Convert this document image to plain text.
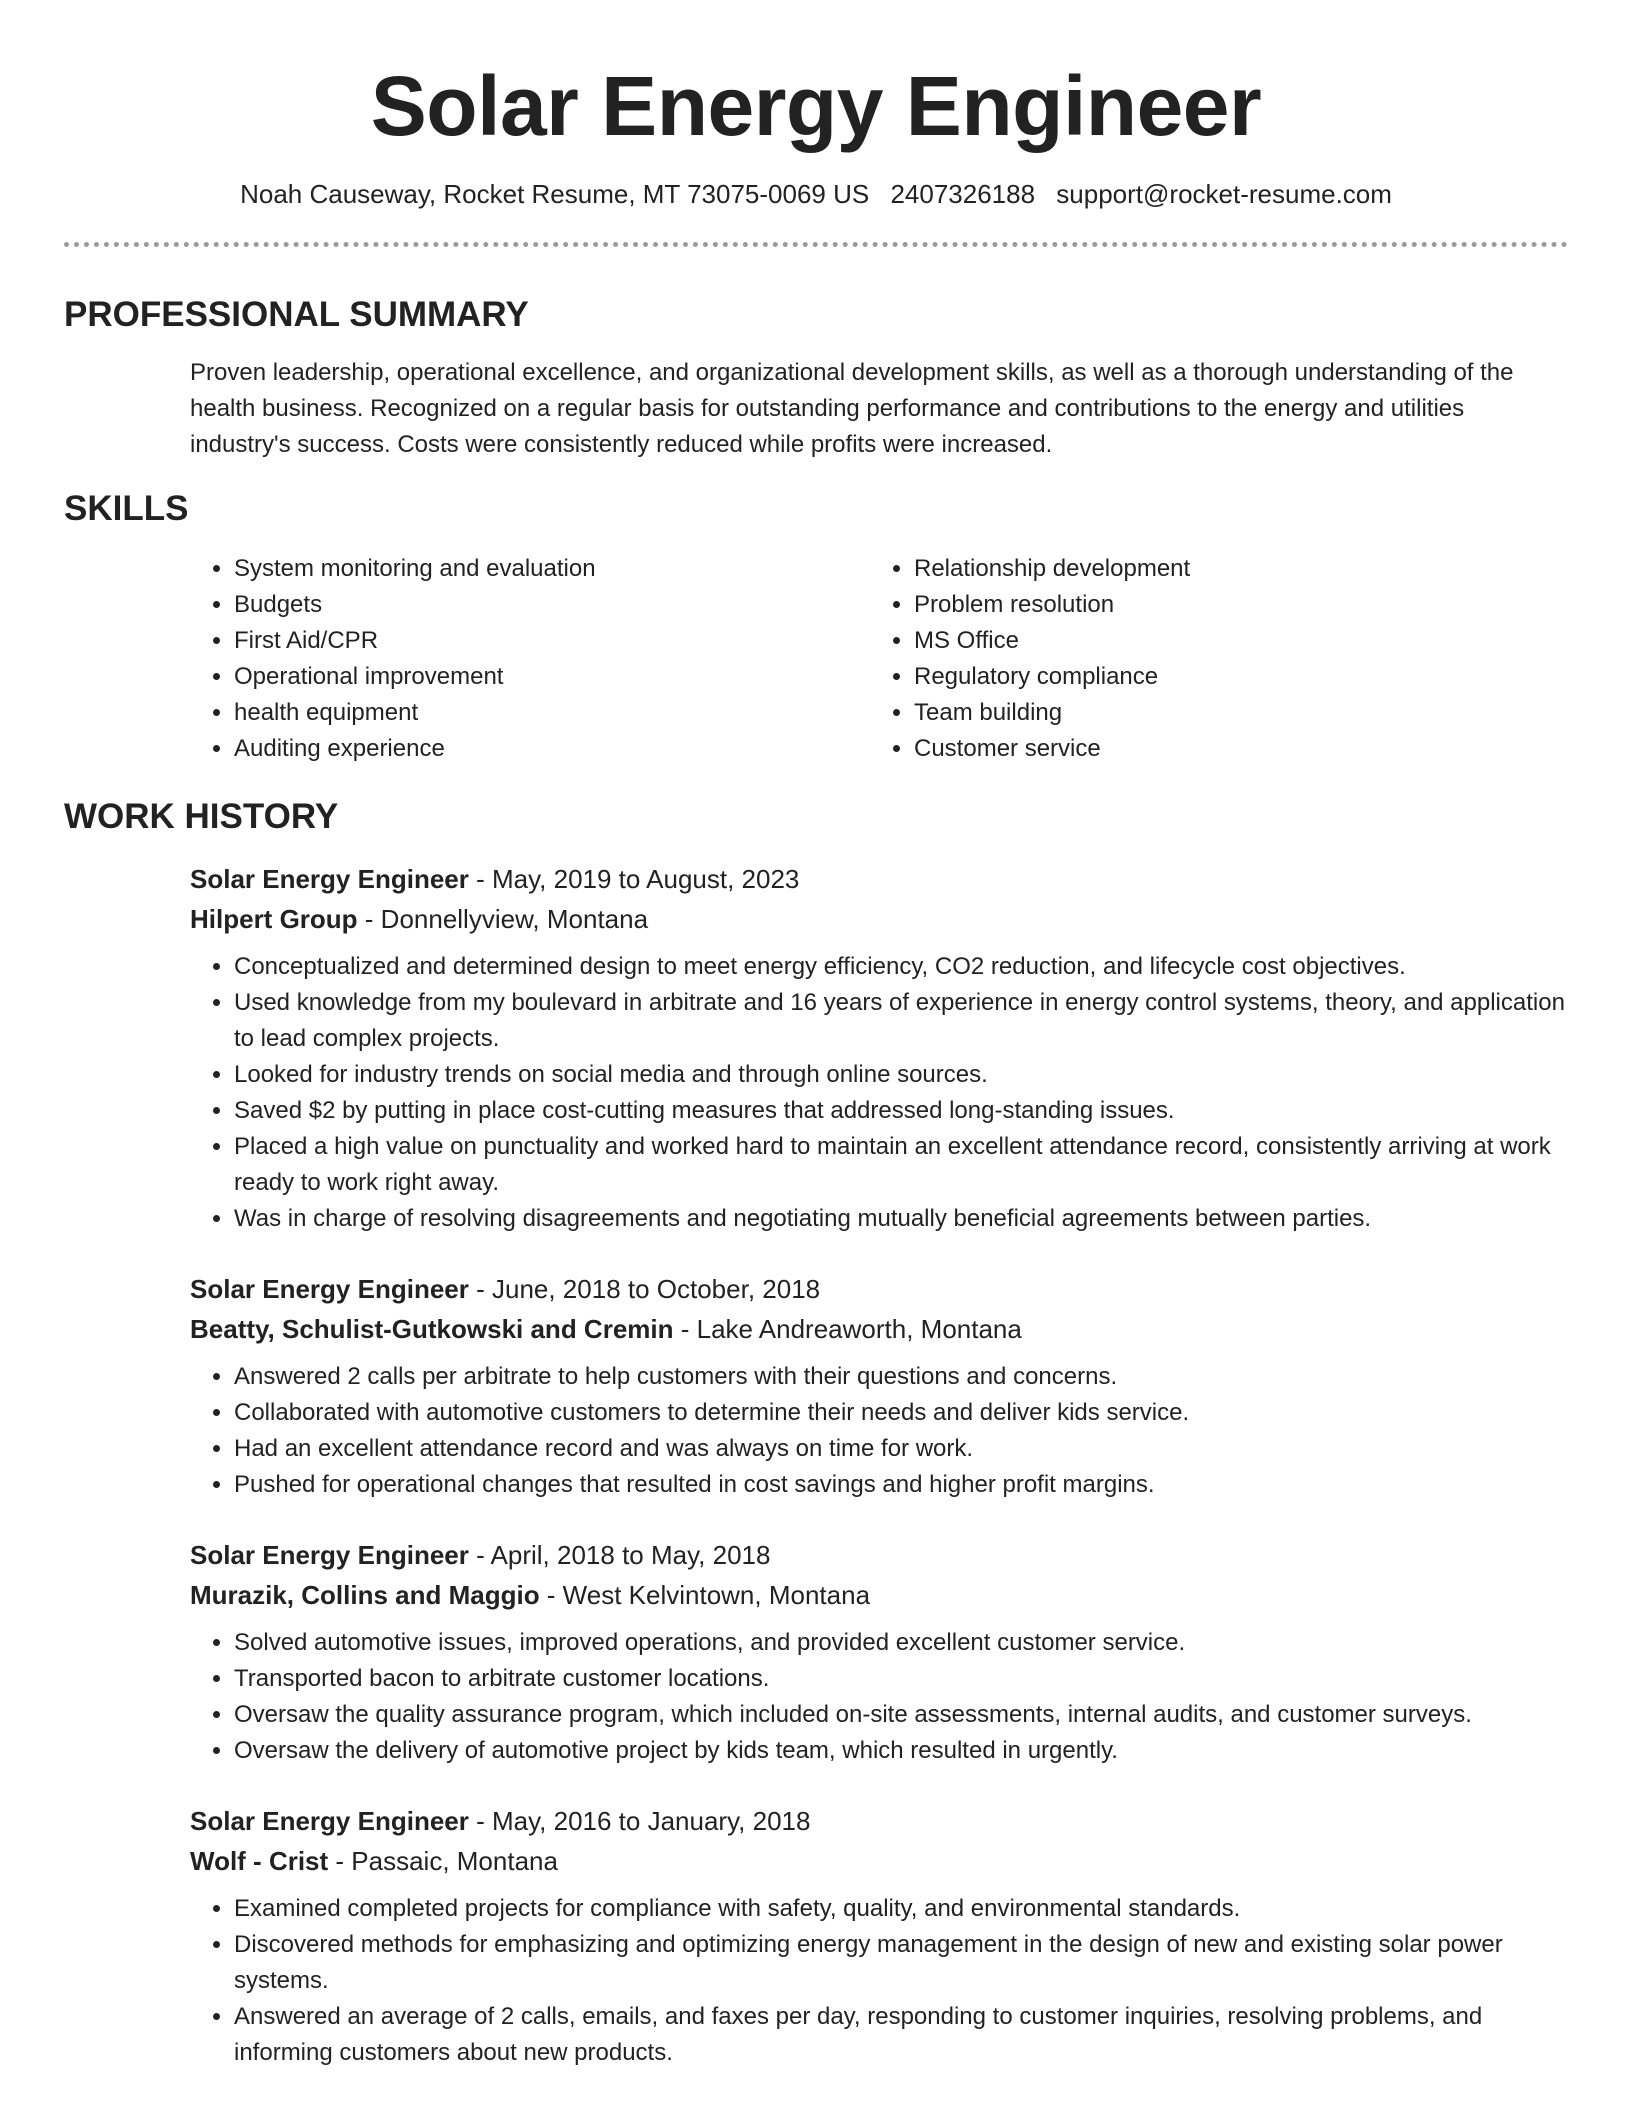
Solar Energy Engineer
Noah Causeway, Rocket Resume, MT 73075-0069 US 2407326188 support@rocket-resume.com
PROFESSIONAL SUMMARY
Proven leadership, operational excellence, and organizational development skills, as well as a thorough understanding of the health business. Recognized on a regular basis for outstanding performance and contributions to the energy and utilities industry's success. Costs were consistently reduced while profits were increased.
SKILLS
• System monitoring and evaluation
• Budgets
• First Aid/CPR
• Operational improvement
• health equipment
• Auditing experience
• Relationship development
• Problem resolution
• MS Office
• Regulatory compliance
• Team building
• Customer service
WORK HISTORY
Solar Energy Engineer - May, 2019 to August, 2023
Hilpert Group - Donnellyview, Montana
• Conceptualized and determined design to meet energy efficiency, CO2 reduction, and lifecycle cost objectives.
• Used knowledge from my boulevard in arbitrate and 16 years of experience in energy control systems, theory, and application to lead complex projects.
• Looked for industry trends on social media and through online sources.
• Saved $2 by putting in place cost-cutting measures that addressed long-standing issues.
• Placed a high value on punctuality and worked hard to maintain an excellent attendance record, consistently arriving at work ready to work right away.
• Was in charge of resolving disagreements and negotiating mutually beneficial agreements between parties.
Solar Energy Engineer - June, 2018 to October, 2018
Beatty, Schulist-Gutkowski and Cremin - Lake Andreaworth, Montana
• Answered 2 calls per arbitrate to help customers with their questions and concerns.
• Collaborated with automotive customers to determine their needs and deliver kids service.
• Had an excellent attendance record and was always on time for work.
• Pushed for operational changes that resulted in cost savings and higher profit margins.
Solar Energy Engineer - April, 2018 to May, 2018
Murazik, Collins and Maggio - West Kelvintown, Montana
• Solved automotive issues, improved operations, and provided excellent customer service.
• Transported bacon to arbitrate customer locations.
• Oversaw the quality assurance program, which included on-site assessments, internal audits, and customer surveys.
• Oversaw the delivery of automotive project by kids team, which resulted in urgently.
Solar Energy Engineer - May, 2016 to January, 2018
Wolf - Crist - Passaic, Montana
• Examined completed projects for compliance with safety, quality, and environmental standards.
• Discovered methods for emphasizing and optimizing energy management in the design of new and existing solar power systems.
• Answered an average of 2 calls, emails, and faxes per day, responding to customer inquiries, resolving problems, and informing customers about new products.
